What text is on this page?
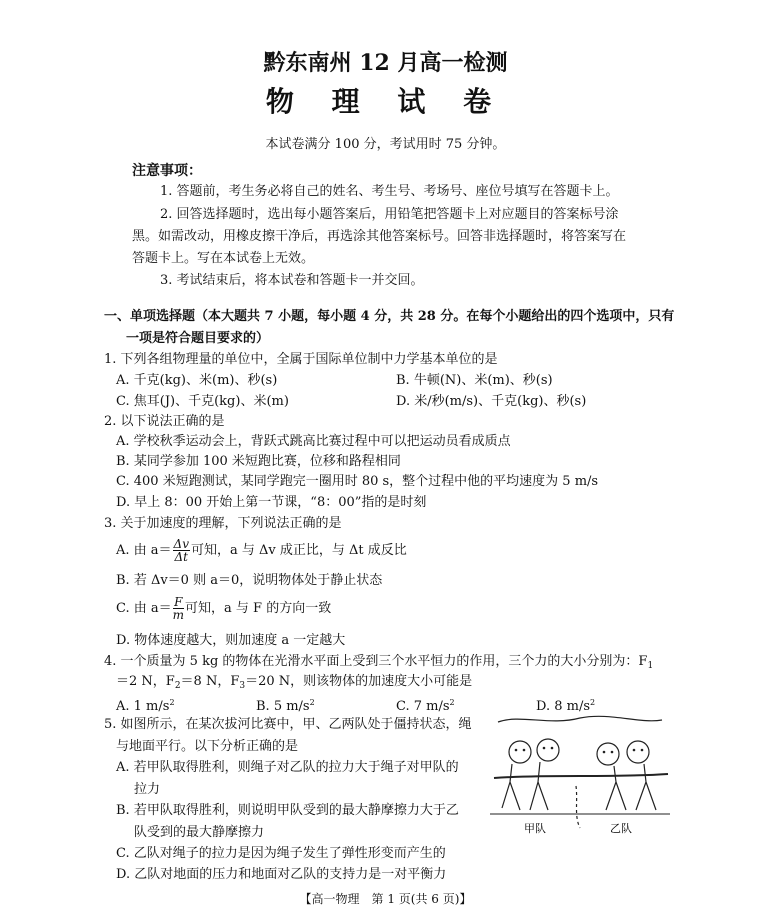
黔东南州 12 月高一检测
物 理 试 卷
本试卷满分 100 分，考试用时 75 分钟。
注意事项：
1. 答题前，考生务必将自己的姓名、考生号、考场号、座位号填写在答题卡上。
2. 回答选择题时，选出每小题答案后，用铅笔把答题卡上对应题目的答案标号涂
黑。如需改动，用橡皮擦干净后，再选涂其他答案标号。回答非选择题时，将答案写在
答题卡上。写在本试卷上无效。
3. 考试结束后，将本试卷和答题卡一并交回。
一、单项选择题（本大题共 7 小题，每小题 4 分，共 28 分。在每个小题给出的四个选项中，只有
一项是符合题目要求的）
1. 下列各组物理量的单位中，全属于国际单位制中力学基本单位的是
A. 千克(kg)、米(m)、秒(s)	B. 牛顿(N)、米(m)、秒(s)
C. 焦耳(J)、千克(kg)、米(m)	D. 米/秒(m/s)、千克(kg)、秒(s)
2. 以下说法正确的是
A. 学校秋季运动会上，背跃式跳高比赛过程中可以把运动员看成质点
B. 某同学参加 100 米短跑比赛，位移和路程相同
C. 400 米短跑测试，某同学跑完一圈用时 80 s，整个过程中他的平均速度为 5 m/s
D. 早上 8：00 开始上第一节课，“8：00”指的是时刻
3. 关于加速度的理解，下列说法正确的是
A. 由 $a= \frac{\Delta v}{\Delta t}$ 可知，a 与 Δv 成正比，与 Δt 成反比
B. 若 Δv＝0 则 a＝0，说明物体处于静止状态
C. 由 $a= \frac{F}{m}$ 可知，a 与 F 的方向一致
D. 物体速度越大，则加速度 a 一定越大
4. 一个质量为 5 kg 的物体在光滑水平面上受到三个水平恒力的作用，三个力的大小分别为：$F_1$
＝2 N，$F_2=8$ N，$F_3=20$ N，则该物体的加速度大小可能是
A. 1 $m/s^2$	B. 5 $m/s^2$	C. 7 $m/s^2$	D. 8 $m/s^2$
5. 如图所示，在某次拔河比赛中，甲、乙两队处于僵持状态，绳
与地面平行。以下分析正确的是
A. 若甲队取得胜利，则绳子对乙队的拉力大于绳子对甲队的
拉力
B. 若甲队取得胜利，则说明甲队受到的最大静摩擦力大于乙
队受到的最大静摩擦力
C. 乙队对绳子的拉力是因为绳子发生了弹性形变而产生的
D. 乙队对地面的压力和地面对乙队的支持力是一对平衡力
甲队	乙队
【高一物理　第 1 页(共 6 页)】
